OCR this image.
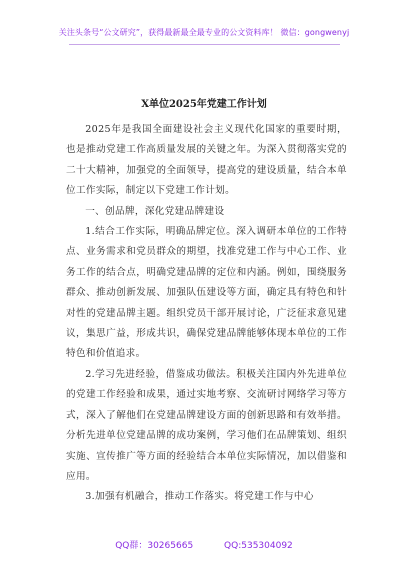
关注头条号“公文研究”，获得最新最全最专业的公文资料库！ 微信：gongwenyj
X单位2025年党建工作计划

2025年是我国全面建设社会主义现代化国家的重要时期，也是推动党建工作高质量发展的关键之年。为深入贯彻落实党的二十大精神，加强党的全面领导，提高党的建设质量，结合本单位工作实际，制定以下党建工作计划。

一、创品牌，深化党建品牌建设

1.结合工作实际，明确品牌定位。深入调研本单位的工作特点、业务需求和党员群众的期望，找准党建工作与中心工作、业务工作的结合点，明确党建品牌的定位和内涵。例如，围绕服务群众、推动创新发展、加强队伍建设等方面，确定具有特色和针对性的党建品牌主题。组织党员干部开展讨论，广泛征求意见建议，集思广益，形成共识，确保党建品牌能够体现本单位的工作特色和价值追求。

2.学习先进经验，借鉴成功做法。积极关注国内外先进单位的党建工作经验和成果，通过实地考察、交流研讨网络学习等方式，深入了解他们在党建品牌建设方面的创新思路和有效举措。分析先进单位党建品牌的成功案例，学习他们在品牌策划、组织实施、宣传推广等方面的经验结合本单位实际情况，加以借鉴和应用。

3.加强有机融合，推动工作落实。将党建工作与中心

QQ群：30265665	QQ:535304092
